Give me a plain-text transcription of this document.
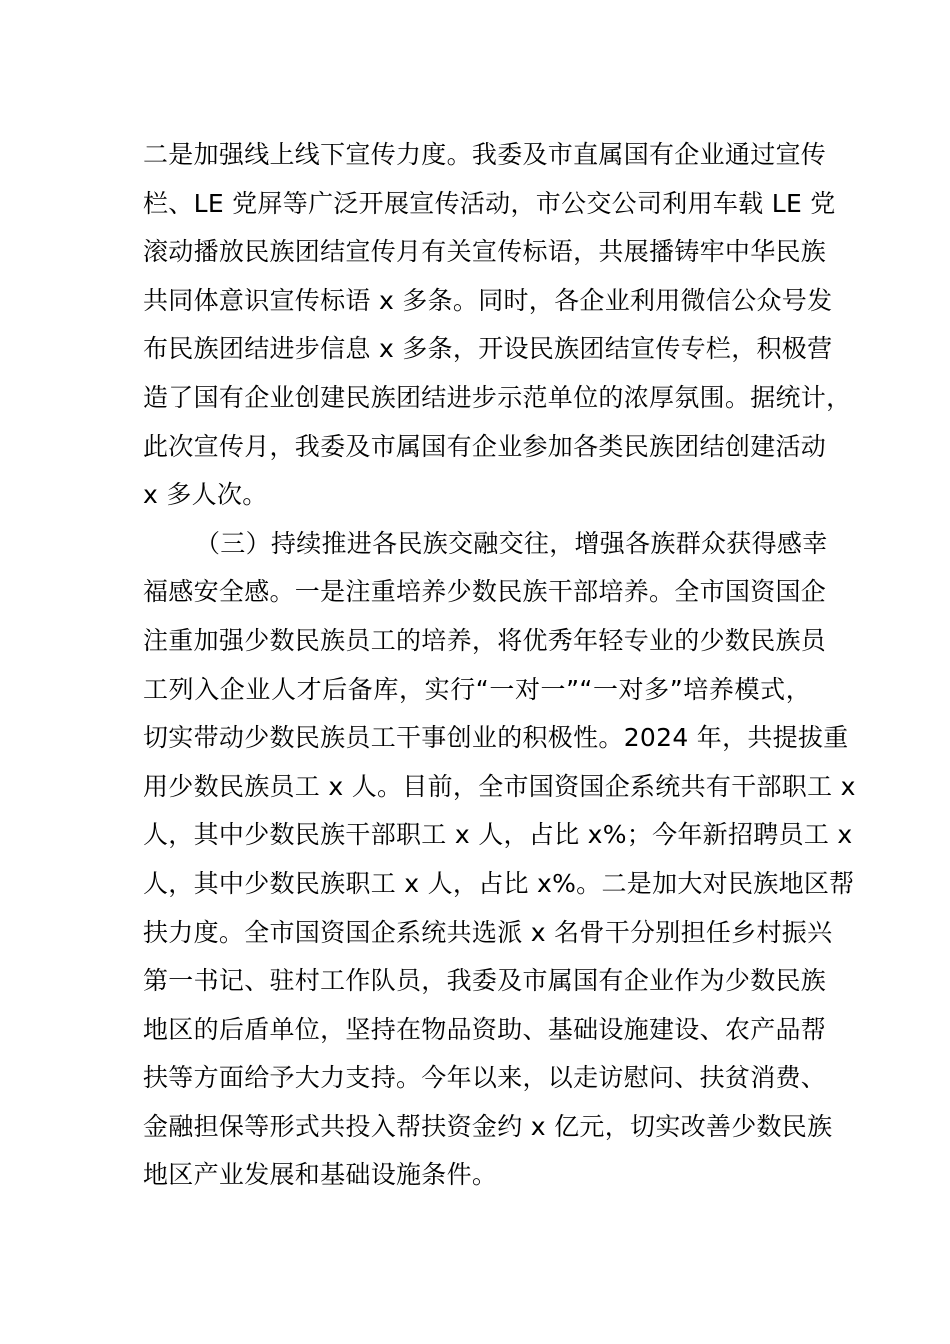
二是加强线上线下宣传力度。我委及市直属国有企业通过宣传
栏、LE 党屏等广泛开展宣传活动，市公交公司利用车载 LE 党
滚动播放民族团结宣传月有关宣传标语，共展播铸牢中华民族
共同体意识宣传标语 x 多条。同时，各企业利用微信公众号发
布民族团结进步信息 x 多条，开设民族团结宣传专栏，积极营
造了国有企业创建民族团结进步示范单位的浓厚氛围。据统计，
此次宣传月，我委及市属国有企业参加各类民族团结创建活动
x 多人次。
（三）持续推进各民族交融交往，增强各族群众获得感幸
福感安全感。一是注重培养少数民族干部培养。全市国资国企
注重加强少数民族员工的培养，将优秀年轻专业的少数民族员
工列入企业人才后备库，实行“一对一”“一对多”培养模式，
切实带动少数民族员工干事创业的积极性。2024 年，共提拔重
用少数民族员工 x 人。目前，全市国资国企系统共有干部职工 x
人，其中少数民族干部职工 x 人，占比 x%；今年新招聘员工 x
人，其中少数民族职工 x 人，占比 x%。二是加大对民族地区帮
扶力度。全市国资国企系统共选派 x 名骨干分别担任乡村振兴
第一书记、驻村工作队员，我委及市属国有企业作为少数民族
地区的后盾单位，坚持在物品资助、基础设施建设、农产品帮
扶等方面给予大力支持。今年以来，以走访慰问、扶贫消费、
金融担保等形式共投入帮扶资金约 x 亿元，切实改善少数民族
地区产业发展和基础设施条件。
